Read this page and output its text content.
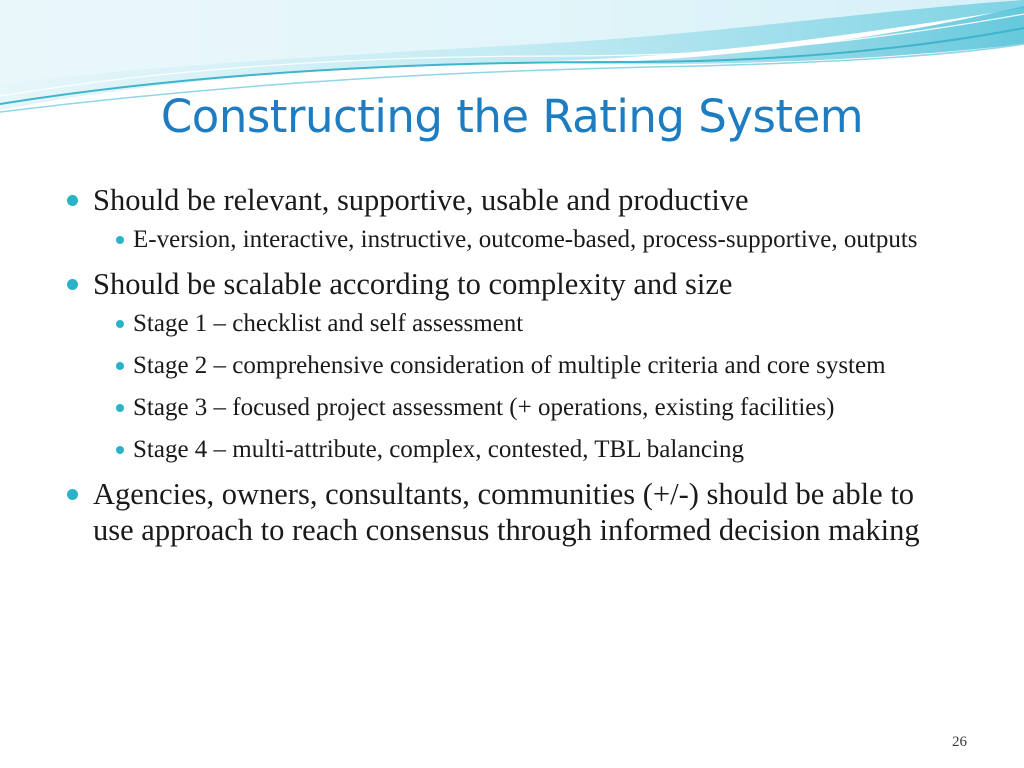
Constructing the Rating System
Should be relevant, supportive, usable and productive
E-version, interactive, instructive, outcome-based, process-supportive, outputs
Should be scalable according to complexity and size
Stage 1 – checklist and self assessment
Stage 2 – comprehensive consideration of multiple criteria and core system
Stage 3 – focused project assessment (+ operations, existing facilities)
Stage 4 – multi-attribute, complex, contested, TBL balancing
Agencies, owners, consultants, communities (+/-) should be able to use approach to reach consensus through informed decision making
26
